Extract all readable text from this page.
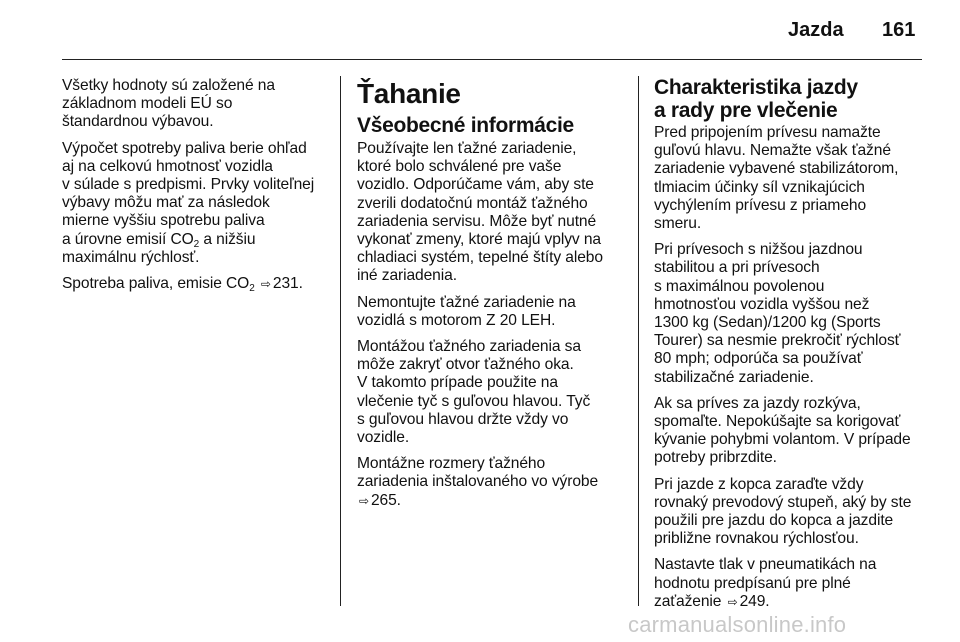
Jazda 161

Všetky hodnoty sú založené na
základnom modeli EÚ so
štandardnou výbavou.

Výpočet spotreby paliva berie ohľad
aj na celkovú hmotnosť vozidla
v súlade s predpismi. Prvky voliteľnej
výbavy môžu mať za následok
mierne vyššiu spotrebu paliva
a úrovne emisií $CO_2$ a nižšiu
maximálnu rýchlosť.

Spotreba paliva, emisie $CO_2$ ⇨ 231.

Ťahanie
Všeobecné informácie

Používajte len ťažné zariadenie,
ktoré bolo schválené pre vaše
vozidlo. Odporúčame vám, aby ste
zverili dodatočnú montáž ťažného
zariadenia servisu. Môže byť nutné
vykonať zmeny, ktoré majú vplyv na
chladiaci systém, tepelné štíty alebo
iné zariadenia.

Nemontujte ťažné zariadenie na
vozidlá s motorom Z 20 LEH.

Montážou ťažného zariadenia sa
môže zakryť otvor ťažného oka.
V takomto prípade použite na
vlečenie tyč s guľovou hlavou. Tyč
s guľovou hlavou držte vždy vo
vozidle.

Montážne rozmery ťažného
zariadenia inštalovaného vo výrobe
⇨ 265.

Charakteristika jazdy
a rady pre vlečenie

Pred pripojením prívesu namažte
guľovú hlavu. Nemažte však ťažné
zariadenie vybavené stabilizátorom,
tlmiacim účinky síl vznikajúcich
vychýlením prívesu z priameho
smeru.

Pri prívesoch s nižšou jazdnou
stabilitou a pri prívesoch
s maximálnou povolenou
hmotnosťou vozidla vyššou než
1300 kg (Sedan)/1200 kg (Sports
Tourer) sa nesmie prekročiť rýchlosť
80 mph; odporúča sa používať
stabilizačné zariadenie.

Ak sa príves za jazdy rozkýva,
spomaľte. Nepokúšajte sa korigovať
kývanie pohybmi volantom. V prípade
potreby pribrzdite.

Pri jazde z kopca zaraďte vždy
rovnaký prevodový stupeň, aký by ste
použili pre jazdu do kopca a jazdite
približne rovnakou rýchlosťou.

Nastavte tlak v pneumatikách na
hodnotu predpísanú pre plné
zaťaženie ⇨ 249.

carmanualsonline.info
